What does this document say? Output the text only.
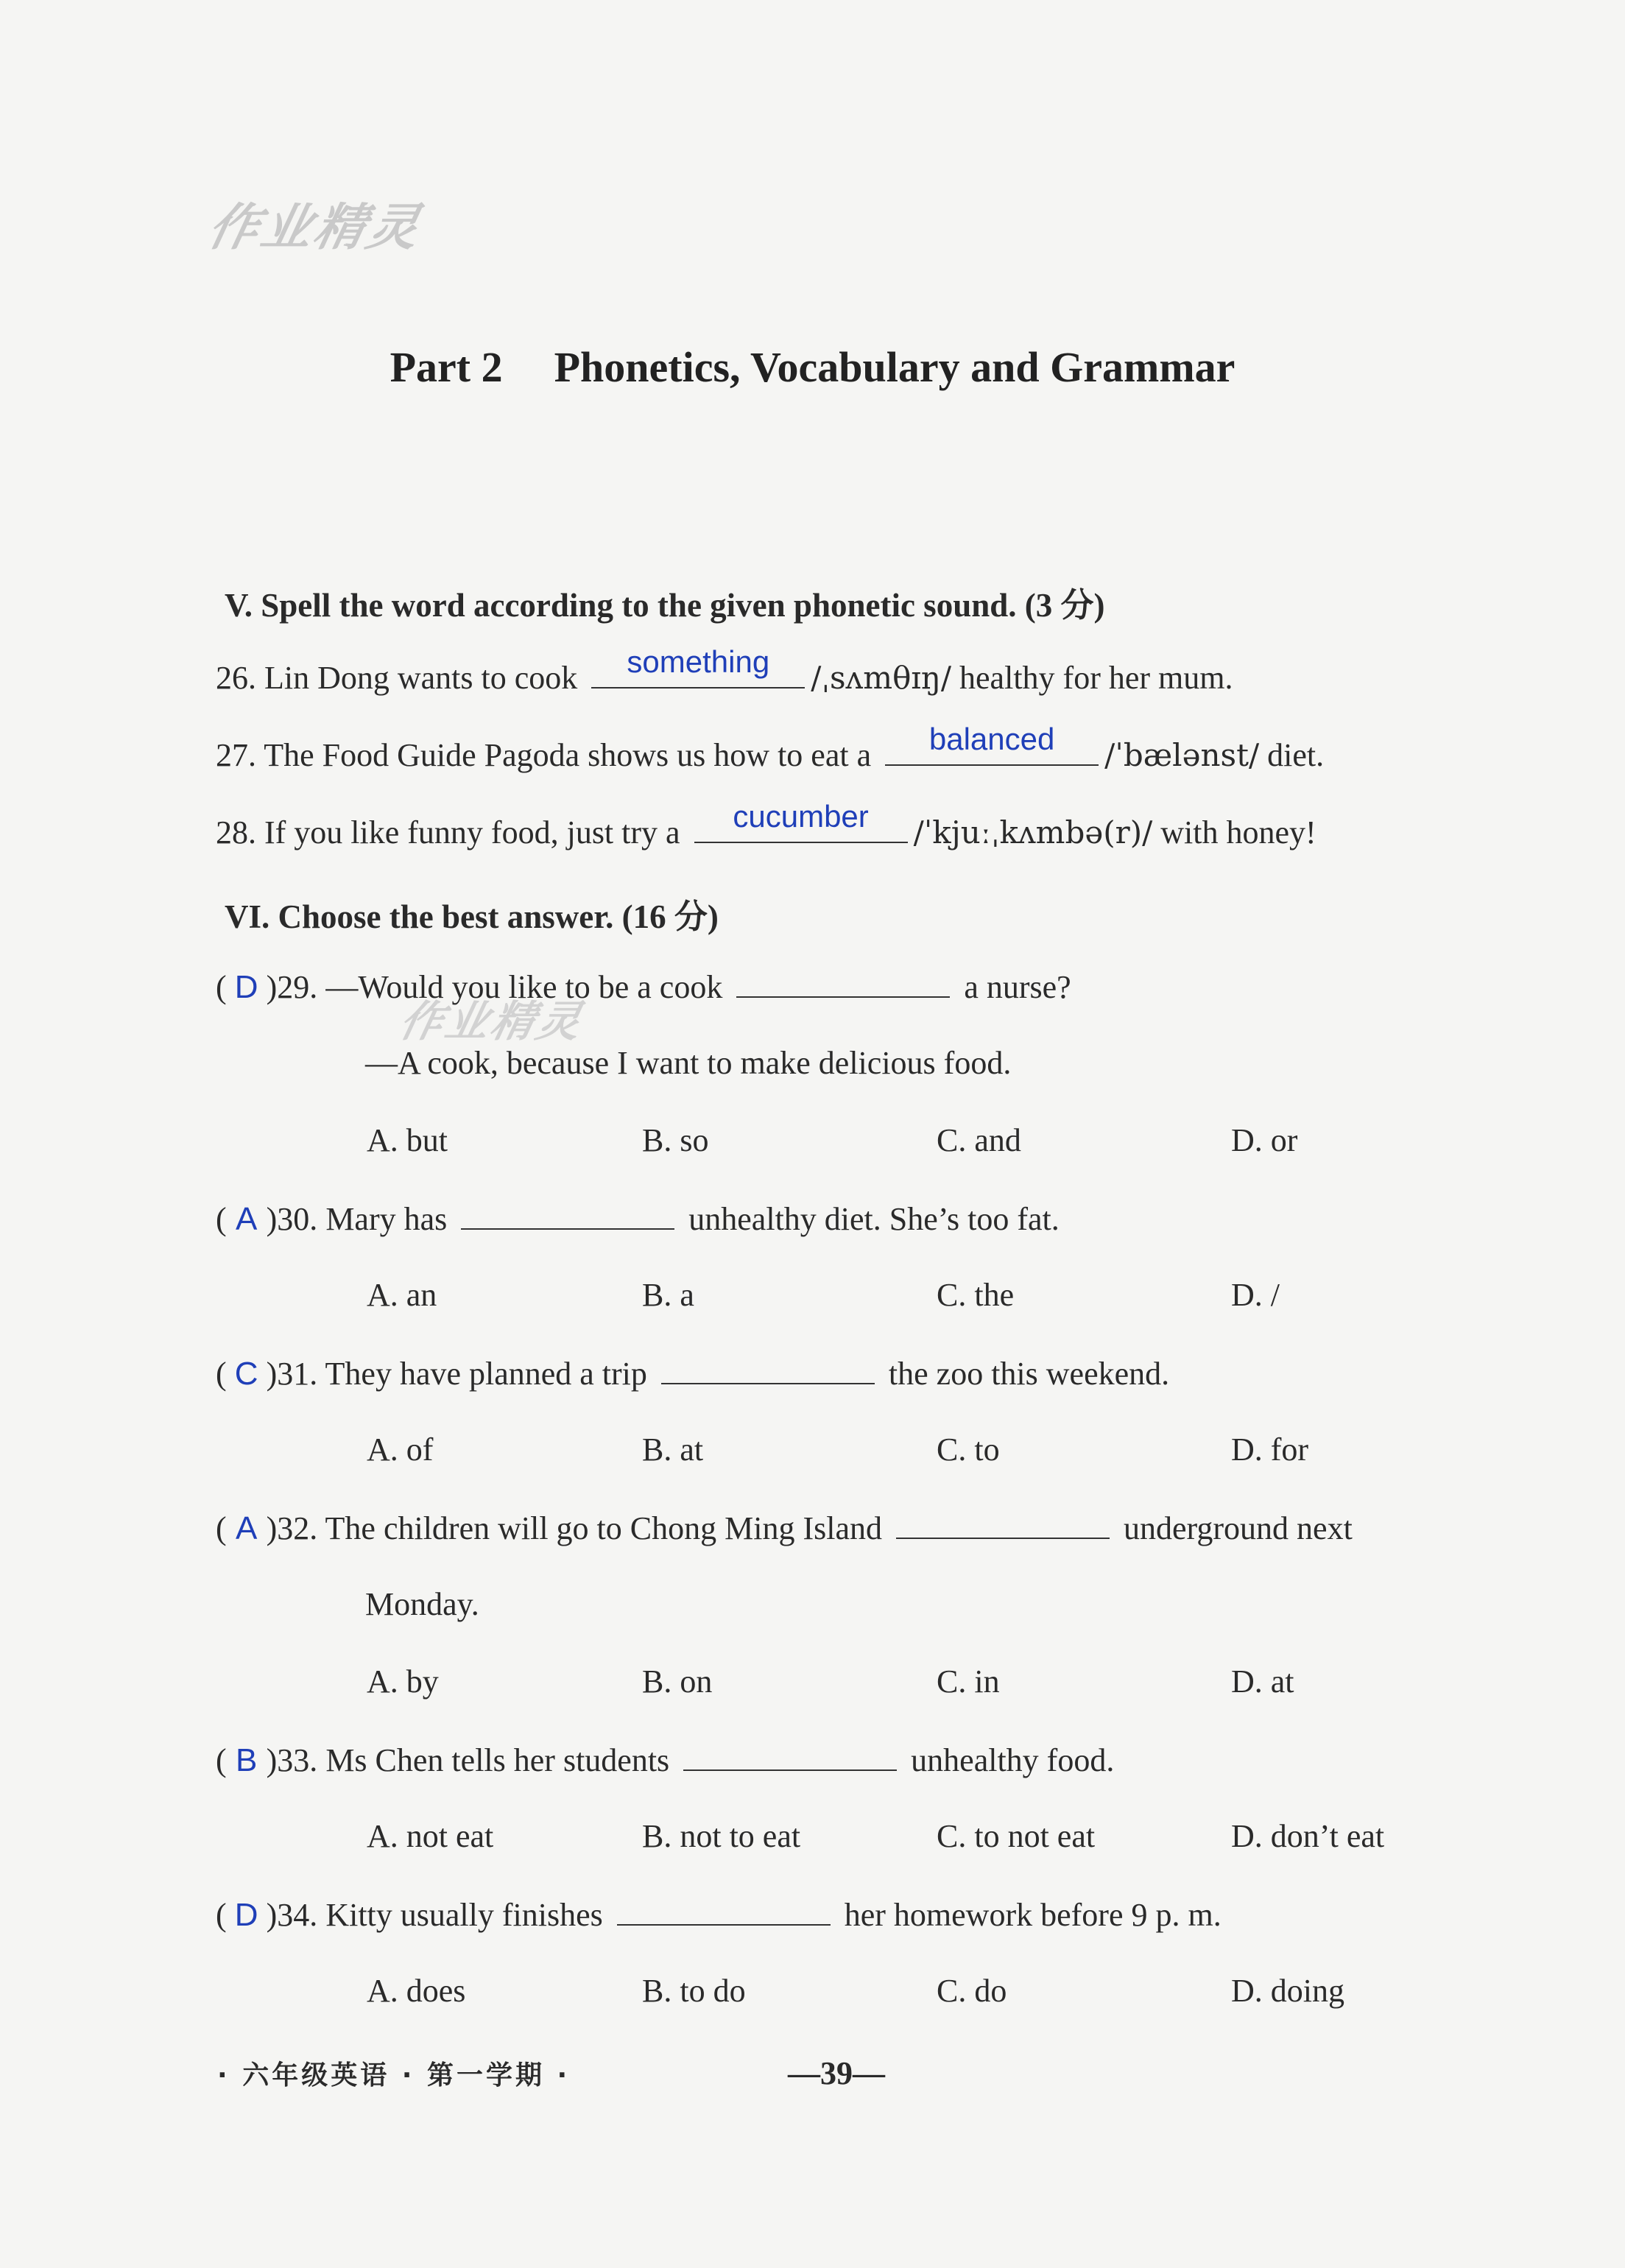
作业精灵
作业精灵
Part 2 Phonetics, Vocabulary and Grammar
V. Spell the word according to the given phonetic sound. (3 分)
26. Lin Dong wants to cook	something	/ˌsʌmθɪŋ/ healthy for her mum.
27. The Food Guide Pagoda shows us how to eat a	balanced	/ˈbælənst/ diet.
28. If you like funny food, just try a	cucumber	/ˈkjuːˌkʌmbə(r)/ with honey!
VI. Choose the best answer. (16 分)
( D )29. —Would you like to be a cook	a nurse?
—A cook, because I want to make delicious food.
A. but	B. so	C. and	D. or
( A )30. Mary has	unhealthy diet. She’s too fat.
A. an	B. a	C. the	D. /
( C )31. They have planned a trip	the zoo this weekend.
A. of	B. at	C. to	D. for
( A )32. The children will go to Chong Ming Island	underground next
Monday.
A. by	B. on	C. in	D. at
( B )33. Ms Chen tells her students	unhealthy food.
A. not eat	B. not to eat	C. to not eat	D. don’t eat
( D )34. Kitty usually finishes	her homework before 9 p. m.
A. does	B. to do	C. do	D. doing
· 六年级英语 · 第一学期 ·	—39—
